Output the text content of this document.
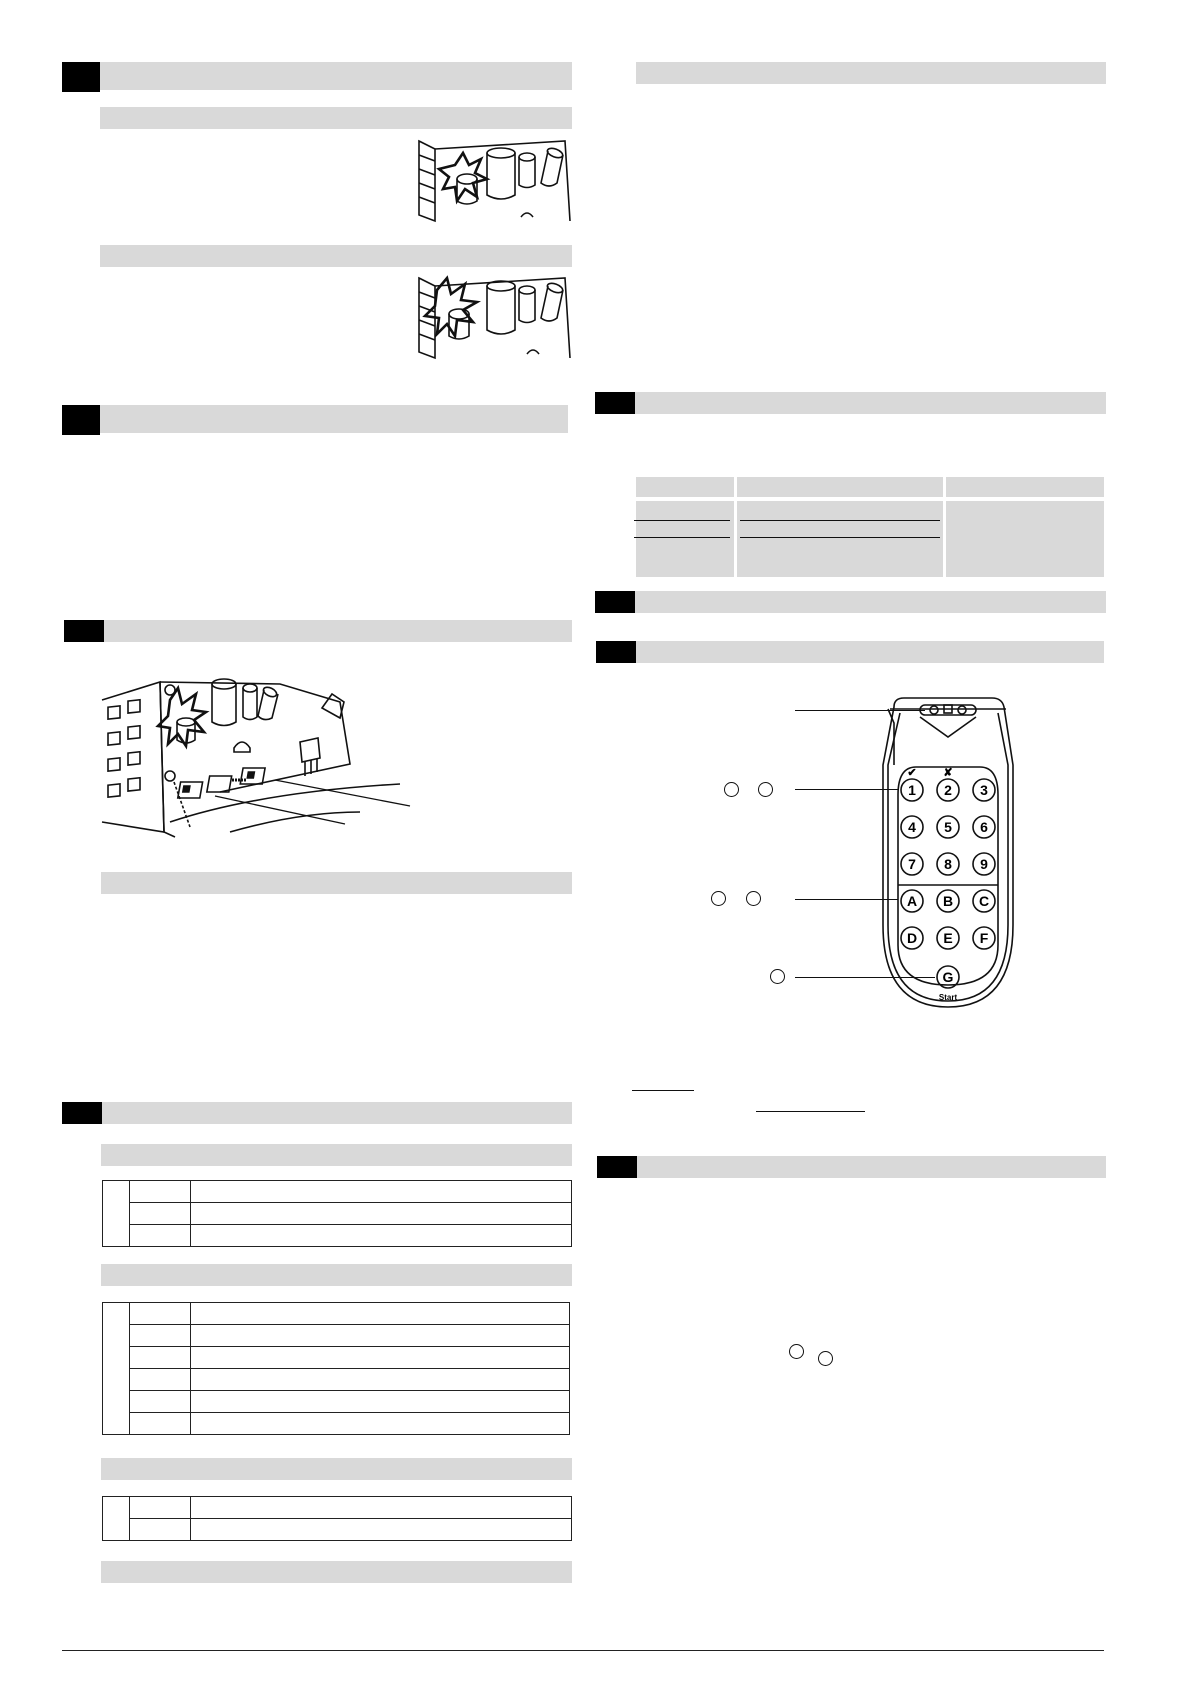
1 2 3
4 5 6
7 8 9
A B C
D E F
G
✔ ✘
Start
